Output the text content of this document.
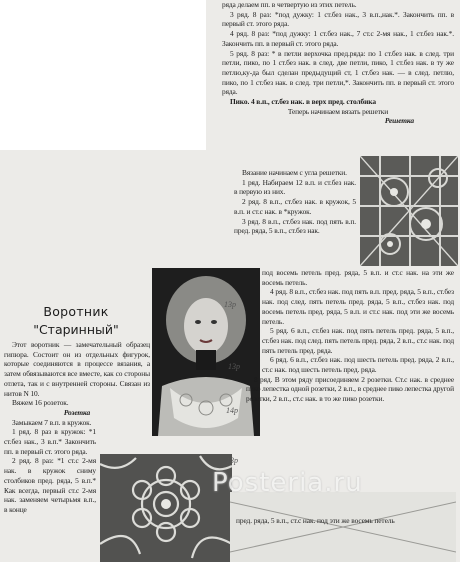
ряда делаем пп. в четвертую из этих петель.

3 ряд. 8 раз: *под дужку: 1 ст.без нак., 3 в.п.,нак.*. Закончить пп. в первый ст. этого ряда.

4 ряд. 8 раз: *под дужку: 1 ст.без нак., 7 ст.с 2-мя нак., 1 ст.без нак.*. Закончить пп. в первый ст. этого ряда.

5 ряд. 8 раз: * в петли верхочка пред.ряда: по 1 ст.без нак. в след. три петли, пико, по 1 ст.без нак. в след. две петли, пико, 1 ст.без нак. в ту же петлю,ку-да был сделан предыдущий ст, 1 ст.без нак. — в след. петлю, пико, по 1 ст.без нак. в след. три петли,*. Закончить пп. в первый ст. этого ряда.

Пико. 4 в.п., ст.без нак. в верх пред. столбика

Теперь начинаем вязать решетки

Решетка

Вязание начинаем с угла решетки.

1 ряд. Набираем 12 в.п. и ст.без нак. в первую из них.

2 ряд. 8 в.п., ст.без нак. в кружок, 5 в.п. и ст.с нак. в *кружок.

3 ряд. 8 в.п., ст.без нак. под пять в.п. пред. ряда, 5 в.п., ст.без нак.

Воротник
"Старинный"

Этот воротник — замечательный образец гипюра. Состоит он из отдельных фигурок, которые соединяются в процессе вязания, а затем обвязываются все вместе, как со стороны отлета, так и с внутренней стороны. Связан из нитов N 10.

Вяжем 16 розеток.

Розетка

Замыкаем 7 в.п. в кружок.

1 ряд. 8 раз в кружок: *1 ст.без нак., 3 в.п.* Закончить пп. в первый ст. этого ряда.

2 ряд. 8 раз: *1 ст.с 2-мя нак. в кружок сниму столбиков пред. ряда, 5 в.п.* Как всегда, первый ст.с 2-мя нак. заменяем четырьмя в.п., в конце

под восемь петель пред. ряда, 5 в.п. и ст.с нак. на эти же восемь петель.

4 ряд. 8 в.п., ст.без нак. под пять в.п. пред. ряда, 5 в.п., ст.без нак. под след. пять петель пред. ряда, 5 в.п., ст.без нак. под восемь петель пред. ряда, 5 в.п. и ст.с нак. под эти же восемь петель.

5 ряд. 6 в.п., ст.без нак. под пять петель пред. ряда, 5 в.п., ст.без нак. под след. пять петель пред. ряда, 2 в.п., ст.с нак. под пять петель пред. ряда.

6 ряд. 6 в.п., ст.без нак. под шесть петель пред. ряда, 2 в.п., ст.с нак. под шесть петель пред. ряда.

8 ряд. В этом ряду присоединяем 2 розетки. Ст.с нак. в среднее пико лепестка одной розетки, 2 в.п., в среднее пико лепестка другой розетки, 2 в.п., ст.с нак. в то же пико розетки.

пред. ряда, 5 в.п., ст.с нак. под эти же восемь петель

Posteria.ru
13р
13р
14р
13р
